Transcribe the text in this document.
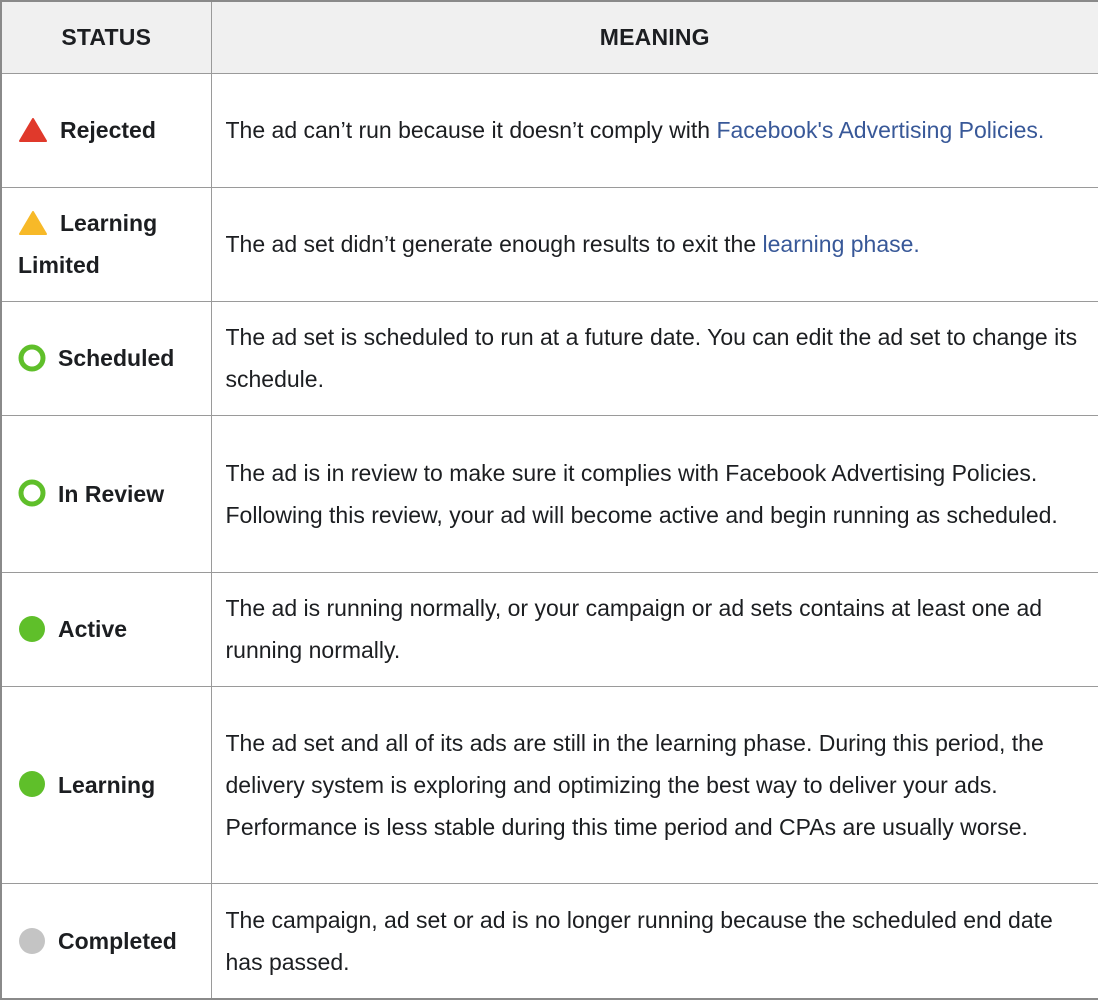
STATUS	MEANING
Rejected	The ad can’t run because it doesn’t comply with Facebook's Advertising Policies.
Learning Limited	The ad set didn’t generate enough results to exit the learning phase.
Scheduled	The ad set is scheduled to run at a future date. You can edit the ad set to change its schedule.
In Review	The ad is in review to make sure it complies with Facebook Advertising Policies. Following this review, your ad will become active and begin running as scheduled.
Active	The ad is running normally, or your campaign or ad sets contains at least one ad running normally.
Learning	The ad set and all of its ads are still in the learning phase. During this period, the delivery system is exploring and optimizing the best way to deliver your ads. Performance is less stable during this time period and CPAs are usually worse.
Completed	The campaign, ad set or ad is no longer running because the scheduled end date has passed.
